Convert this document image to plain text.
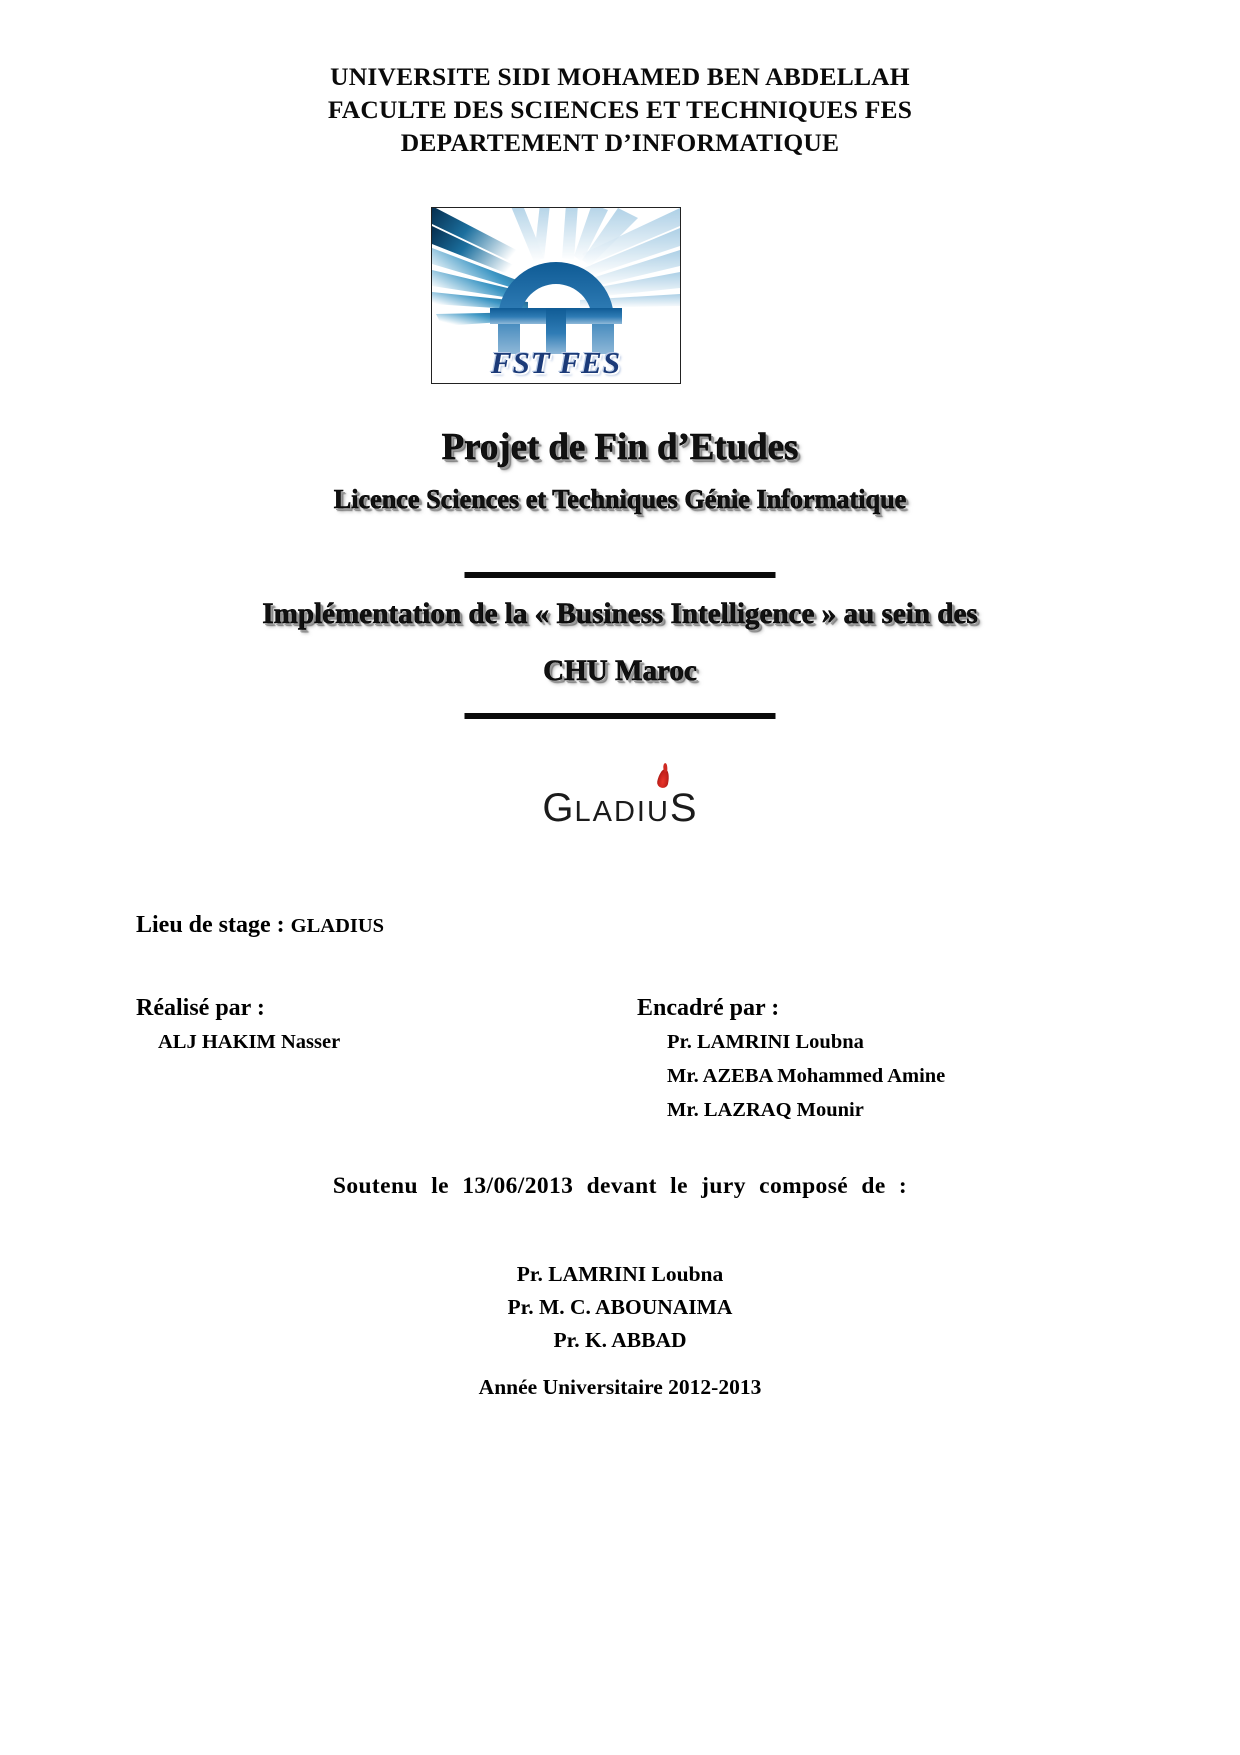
UNIVERSITE SIDI MOHAMED BEN ABDELLAH
FACULTE DES SCIENCES ET TECHNIQUES FES
DEPARTEMENT D’INFORMATIQUE
FST FES
Projet de Fin d’Etudes
Licence Sciences et Techniques Génie Informatique
Implémentation de la « Business Intelligence » au sein des
CHU Maroc
GLADIUS
Lieu de stage : GLADIUS
Réalisé par :
ALJ HAKIM Nasser
Encadré par :
Pr. LAMRINI Loubna
Mr. AZEBA Mohammed Amine
Mr. LAZRAQ Mounir
Soutenu le 13/06/2013 devant le jury composé de :
Pr. LAMRINI Loubna
Pr. M. C. ABOUNAIMA
Pr. K. ABBAD
Année Universitaire 2012-2013
